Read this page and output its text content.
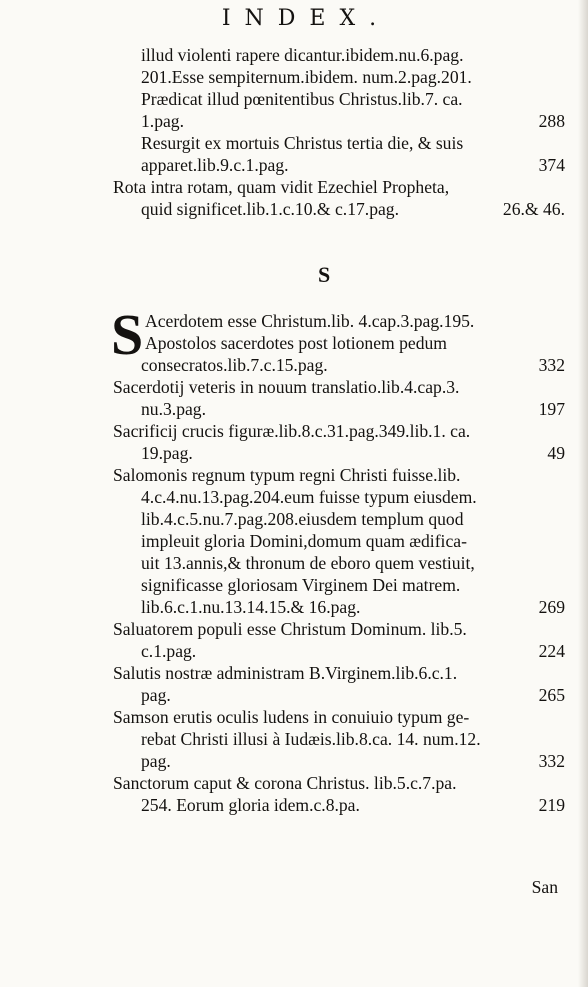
INDEX.
illud violenti rapere dicantur.ibidem.nu.6.pag.
201.Esse sempiternum.ibidem. num.2.pag.201.
Prædicat illud pœnitentibus Christus.lib.7. ca.
1.pag.	288
Resurgit ex mortuis Christus tertia die, & suis
apparet.lib.9.c.1.pag.	374
Rota intra rotam, quam vidit Ezechiel Propheta,
quid significet.lib.1.c.10.& c.17.pag.	26.& 46.
S
S Acerdotem esse Christum.lib. 4.cap.3.pag.195.
Apostolos sacerdotes post lotionem pedum
consecratos.lib.7.c.15.pag.	332
Sacerdotij veteris in nouum translatio.lib.4.cap.3.
nu.3.pag.	197
Sacrificij crucis figuræ.lib.8.c.31.pag.349.lib.1. ca.
19.pag.	49
Salomonis regnum typum regni Christi fuisse.lib.
4.c.4.nu.13.pag.204.eum fuisse typum eiusdem.
lib.4.c.5.nu.7.pag.208.eiusdem templum quod
impleuit gloria Domini,domum quam ædifica-
uit 13.annis,& thronum de eboro quem vestiuit,
significasse gloriosam Virginem Dei matrem.
lib.6.c.1.nu.13.14.15.& 16.pag.	269
Saluatorem populi esse Christum Dominum. lib.5.
c.1.pag.	224
Salutis nostræ administram B.Virginem.lib.6.c.1.
pag.	265
Samson erutis oculis ludens in conuiuio typum ge-
rebat Christi illusi à Iudæis.lib.8.ca. 14. num.12.
pag.	332
Sanctorum caput & corona Christus. lib.5.c.7.pa.
254. Eorum gloria idem.c.8.pa.	219
San
